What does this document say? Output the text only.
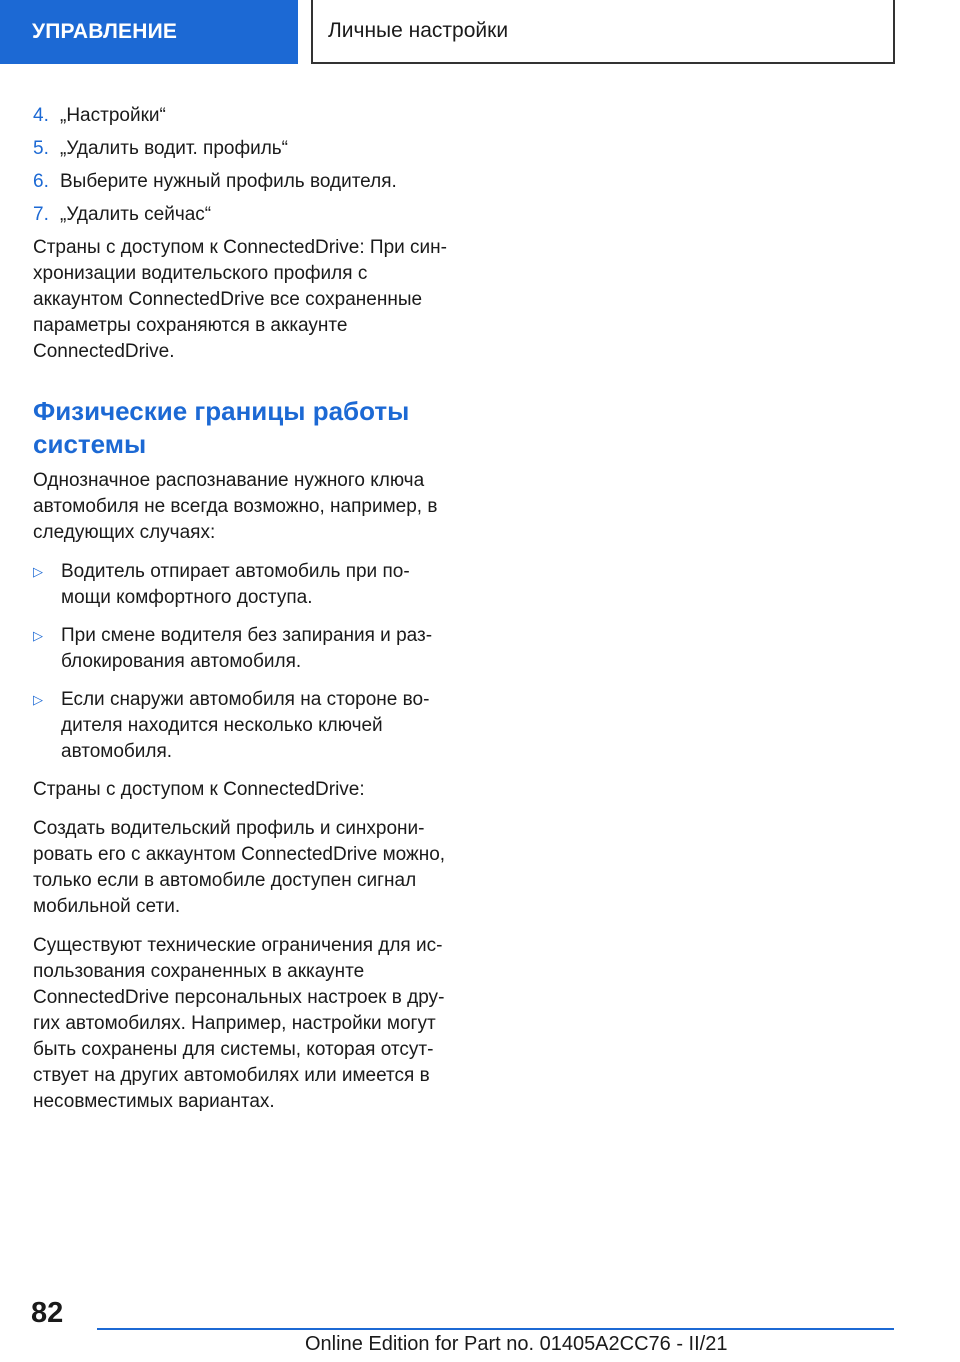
УПРАВЛЕНИЕ	Личные настройки
4. „Настройки“
5. „Удалить водит. профиль“
6. Выберите нужный профиль водителя.
7. „Удалить сейчас“

Страны с доступом к ConnectedDrive: При синхронизации водительского профиля с аккаунтом ConnectedDrive все сохраненные параметры сохраняются в аккаунте ConnectedDrive.

Физические границы работы системы

Однозначное распознавание нужного ключа автомобиля не всегда возможно, например, в следующих случаях:

▷ Водитель отпирает автомобиль при помощи комфортного доступа.
▷ При смене водителя без запирания и разблокирования автомобиля.
▷ Если снаружи автомобиля на стороне водителя находится несколько ключей автомобиля.

Страны с доступом к ConnectedDrive:

Создать водительский профиль и синхронировать его с аккаунтом ConnectedDrive можно, только если в автомобиле доступен сигнал мобильной сети.

Существуют технические ограничения для использования сохраненных в аккаунте ConnectedDrive персональных настроек в других автомобилях. Например, настройки могут быть сохранены для системы, которая отсутствует на других автомобилях или имеется в несовместимых вариантах.

82
Online Edition for Part no. 01405A2CC76 - II/21
